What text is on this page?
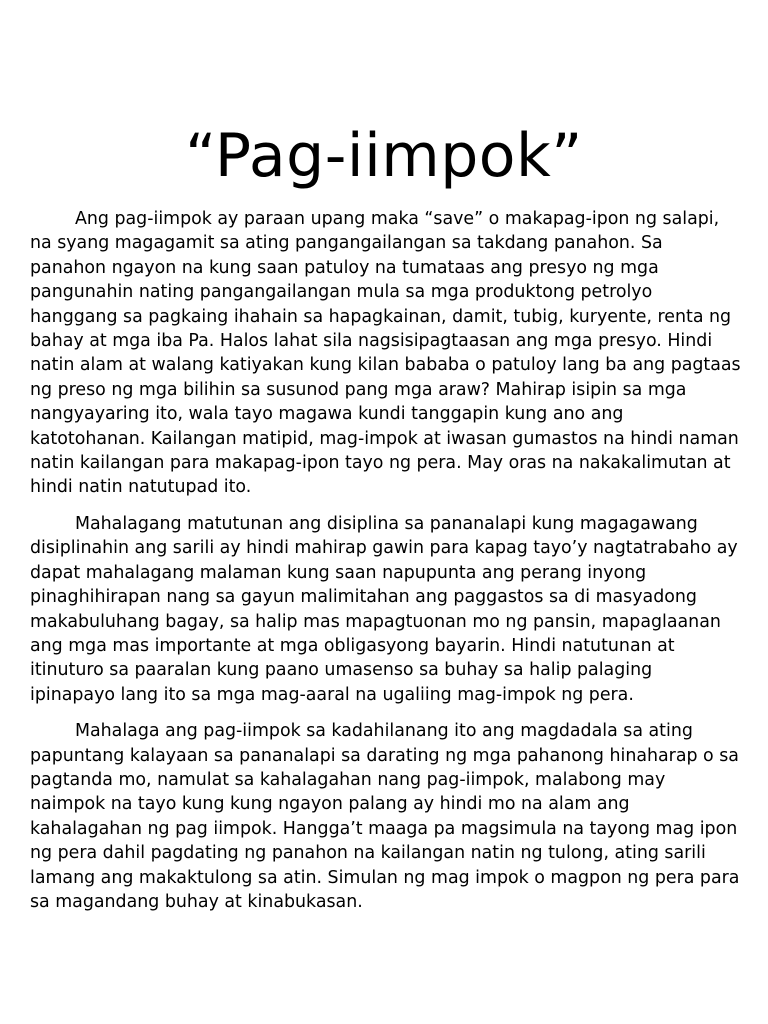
“Pag-iimpok”

Ang pag-iimpok ay paraan upang maka “save” o makapag-ipon ng salapi, na syang magagamit sa ating pangangailangan sa takdang panahon. Sa panahon ngayon na kung saan patuloy na tumataas ang presyo ng mga pangunahin nating pangangailangan mula sa mga produktong petrolyo hanggang sa pagkaing ihahain sa hapagkainan, damit, tubig, kuryente, renta ng bahay at mga iba Pa. Halos lahat sila nagsisipagtaasan ang mga presyo. Hindi natin alam at walang katiyakan kung kilan bababa o patuloy lang ba ang pagtaas ng preso ng mga bilihin sa susunod pang mga araw? Mahirap isipin sa mga nangyayaring ito, wala tayo magawa kundi tanggapin kung ano ang katotohanan. Kailangan matipid, mag-impok at iwasan gumastos na hindi naman natin kailangan para makapag-ipon tayo ng pera. May oras na nakakalimutan at hindi natin natutupad ito.

Mahalagang matutunan ang disiplina sa pananalapi kung magagawang disiplinahin ang sarili ay hindi mahirap gawin para kapag tayo’y nagtatrabaho ay dapat mahalagang malaman kung saan napupunta ang perang inyong pinaghihirapan nang sa gayun malimitahan ang paggastos sa di masyadong makabuluhang bagay, sa halip mas mapagtuonan mo ng pansin, mapaglaanan ang mga mas importante at mga obligasyong bayarin. Hindi natutunan at itinuturo sa paaralan kung paano umasenso sa buhay sa halip palaging ipinapayo lang ito sa mga mag-aaral na ugaliing mag-impok ng pera.

Mahalaga ang pag-iimpok sa kadahilanang ito ang magdadala sa ating papuntang kalayaan sa pananalapi sa darating ng mga pahanong hinaharap o sa pagtanda mo, namulat sa kahalagahan nang pag-iimpok, malabong may naimpok na tayo kung kung ngayon palang ay hindi mo na alam ang kahalagahan ng pag iimpok. Hangga’t maaga pa magsimula na tayong mag ipon ng pera dahil pagdating ng panahon na kailangan natin ng tulong, ating sarili lamang ang makaktulong sa atin. Simulan ng mag impok o magpon ng pera para sa magandang buhay at kinabukasan.
